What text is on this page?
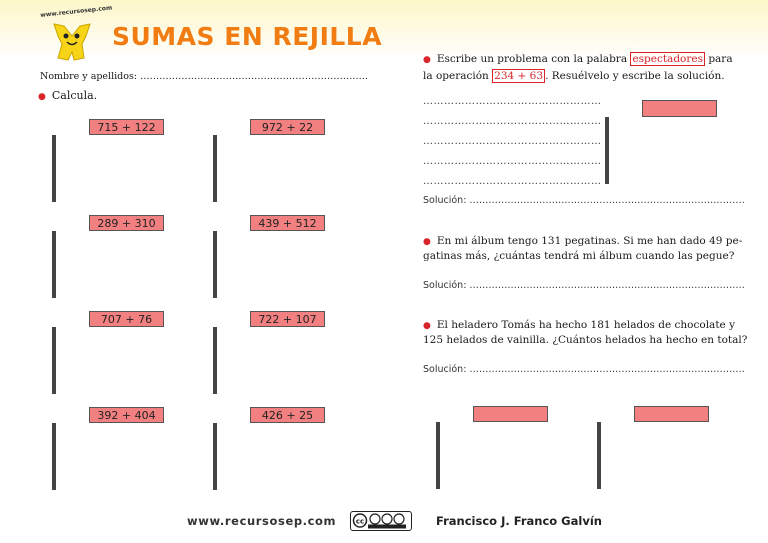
www.recursosep.com
SUMAS EN REJILLA
Nombre y apellidos: ………………………………………………………………
● Calcula.
715 + 122

			972 + 22

289 + 310

			439 + 512

707 + 76

			722 + 107

392 + 404

			426 + 25

● Escribe un problema con la palabra espectadores para
la operación 234 + 63 . Resuélvelo y escribe la solución.
……………………………………………
……………………………………………
……………………………………………
……………………………………………
……………………………………………
Solución: ……………………………………………………………………………
● En mi álbum tengo 131 pegatinas. Si me han dado 49 pe-
gatinas más, ¿cuántas tendrá mi álbum cuando las pegue?
Solución: ……………………………………………………………………………
● El heladero Tomás ha hecho 181 helados de chocolate y
125 helados de vainilla. ¿Cuántos helados ha hecho en total?
Solución: ……………………………………………………………………………

www.recursosep.com	cc	Francisco J. Franco Galvín
